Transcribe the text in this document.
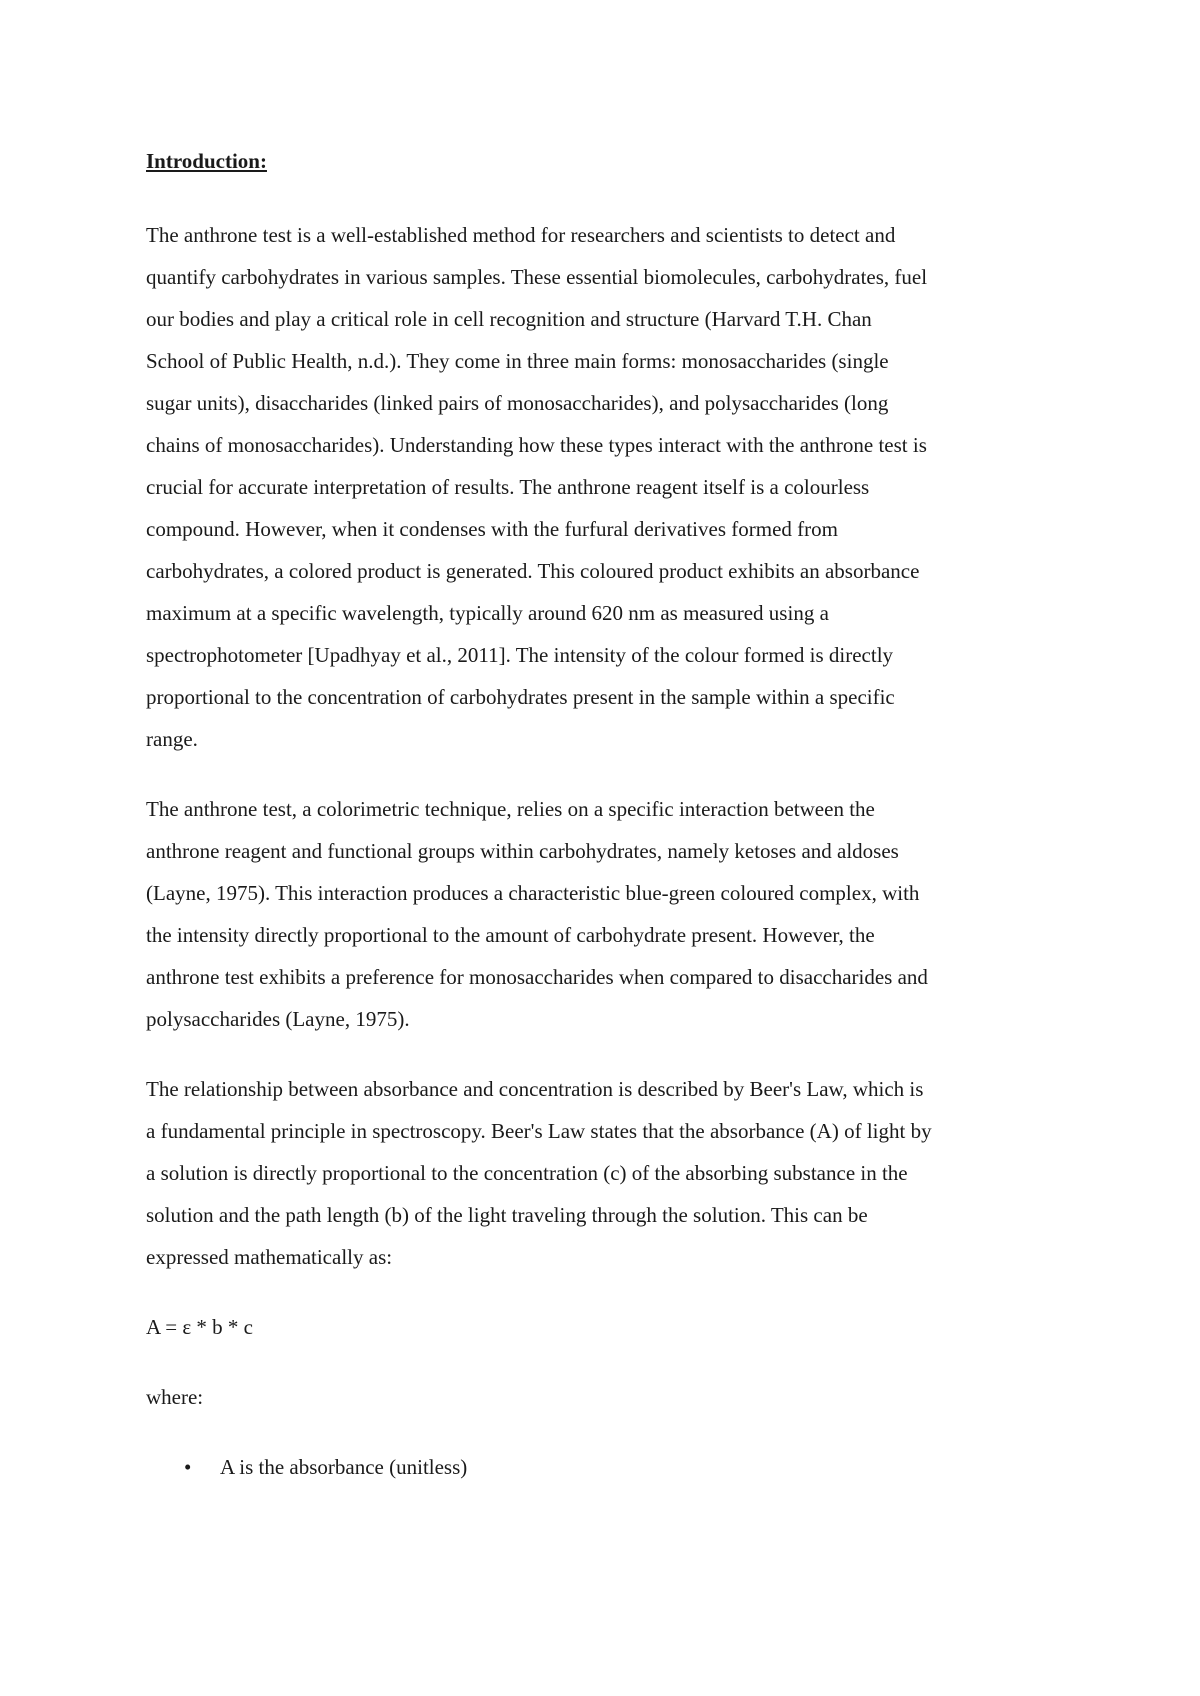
Introduction:
The anthrone test is a well-established method for researchers and scientists to detect and
quantify carbohydrates in various samples. These essential biomolecules, carbohydrates, fuel
our bodies and play a critical role in cell recognition and structure (Harvard T.H. Chan
School of Public Health, n.d.). They come in three main forms: monosaccharides (single
sugar units), disaccharides (linked pairs of monosaccharides), and polysaccharides (long
chains of monosaccharides). Understanding how these types interact with the anthrone test is
crucial for accurate interpretation of results. The anthrone reagent itself is a colourless
compound. However, when it condenses with the furfural derivatives formed from
carbohydrates, a colored product is generated. This coloured product exhibits an absorbance
maximum at a specific wavelength, typically around 620 nm as measured using a
spectrophotometer [Upadhyay et al., 2011]. The intensity of the colour formed is directly
proportional to the concentration of carbohydrates present in the sample within a specific
range.
The anthrone test, a colorimetric technique, relies on a specific interaction between the
anthrone reagent and functional groups within carbohydrates, namely ketoses and aldoses
(Layne, 1975). This interaction produces a characteristic blue-green coloured complex, with
the intensity directly proportional to the amount of carbohydrate present. However, the
anthrone test exhibits a preference for monosaccharides when compared to disaccharides and
polysaccharides (Layne, 1975).
The relationship between absorbance and concentration is described by Beer's Law, which is
a fundamental principle in spectroscopy. Beer's Law states that the absorbance (A) of light by
a solution is directly proportional to the concentration (c) of the absorbing substance in the
solution and the path length (b) of the light traveling through the solution. This can be
expressed mathematically as:
A = ε * b * c
where:
• A is the absorbance (unitless)
